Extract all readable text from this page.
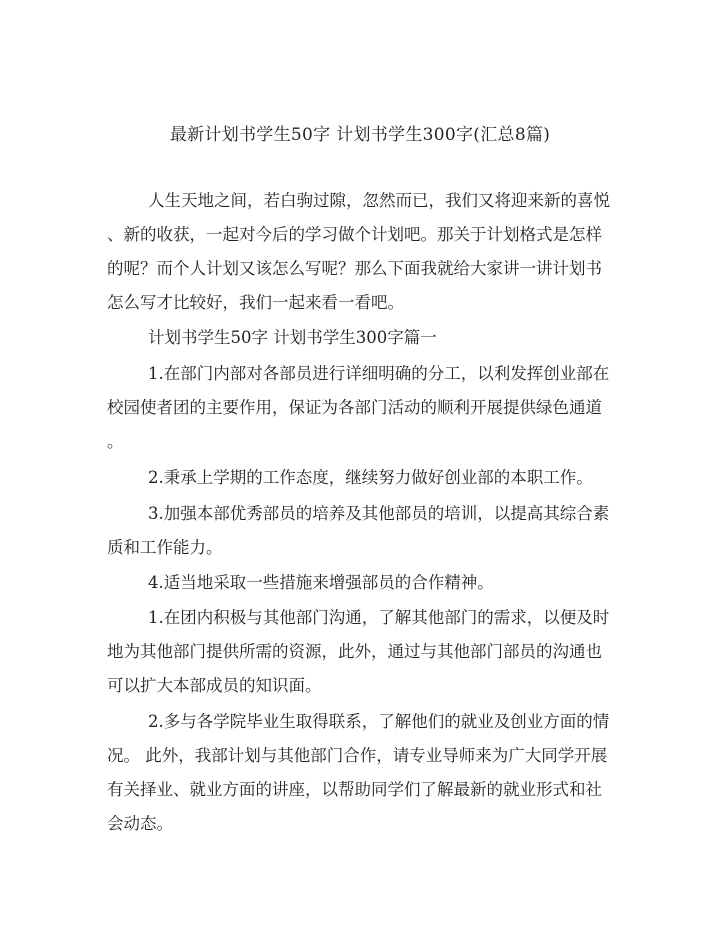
最新计划书学生50字 计划书学生300字(汇总8篇)
人生天地之间，若白驹过隙，忽然而已，我们又将迎来新的喜悦
、新的收获，一起对今后的学习做个计划吧。那关于计划格式是怎样
的呢？而个人计划又该怎么写呢？那么下面我就给大家讲一讲计划书
怎么写才比较好，我们一起来看一看吧。
计划书学生50字 计划书学生300字篇一
1.在部门内部对各部员进行详细明确的分工，以利发挥创业部在
校园使者团的主要作用，保证为各部门活动的顺利开展提供绿色通道
。
2.秉承上学期的工作态度，继续努力做好创业部的本职工作。
3.加强本部优秀部员的培养及其他部员的培训，以提高其综合素
质和工作能力。
4.适当地采取一些措施来增强部员的合作精神。
1.在团内积极与其他部门沟通，了解其他部门的需求，以便及时
地为其他部门提供所需的资源，此外，通过与其他部门部员的沟通也
可以扩大本部成员的知识面。
2.多与各学院毕业生取得联系，了解他们的就业及创业方面的情
况。 此外，我部计划与其他部门合作，请专业导师来为广大同学开展
有关择业、就业方面的讲座，以帮助同学们了解最新的就业形式和社
会动态。
